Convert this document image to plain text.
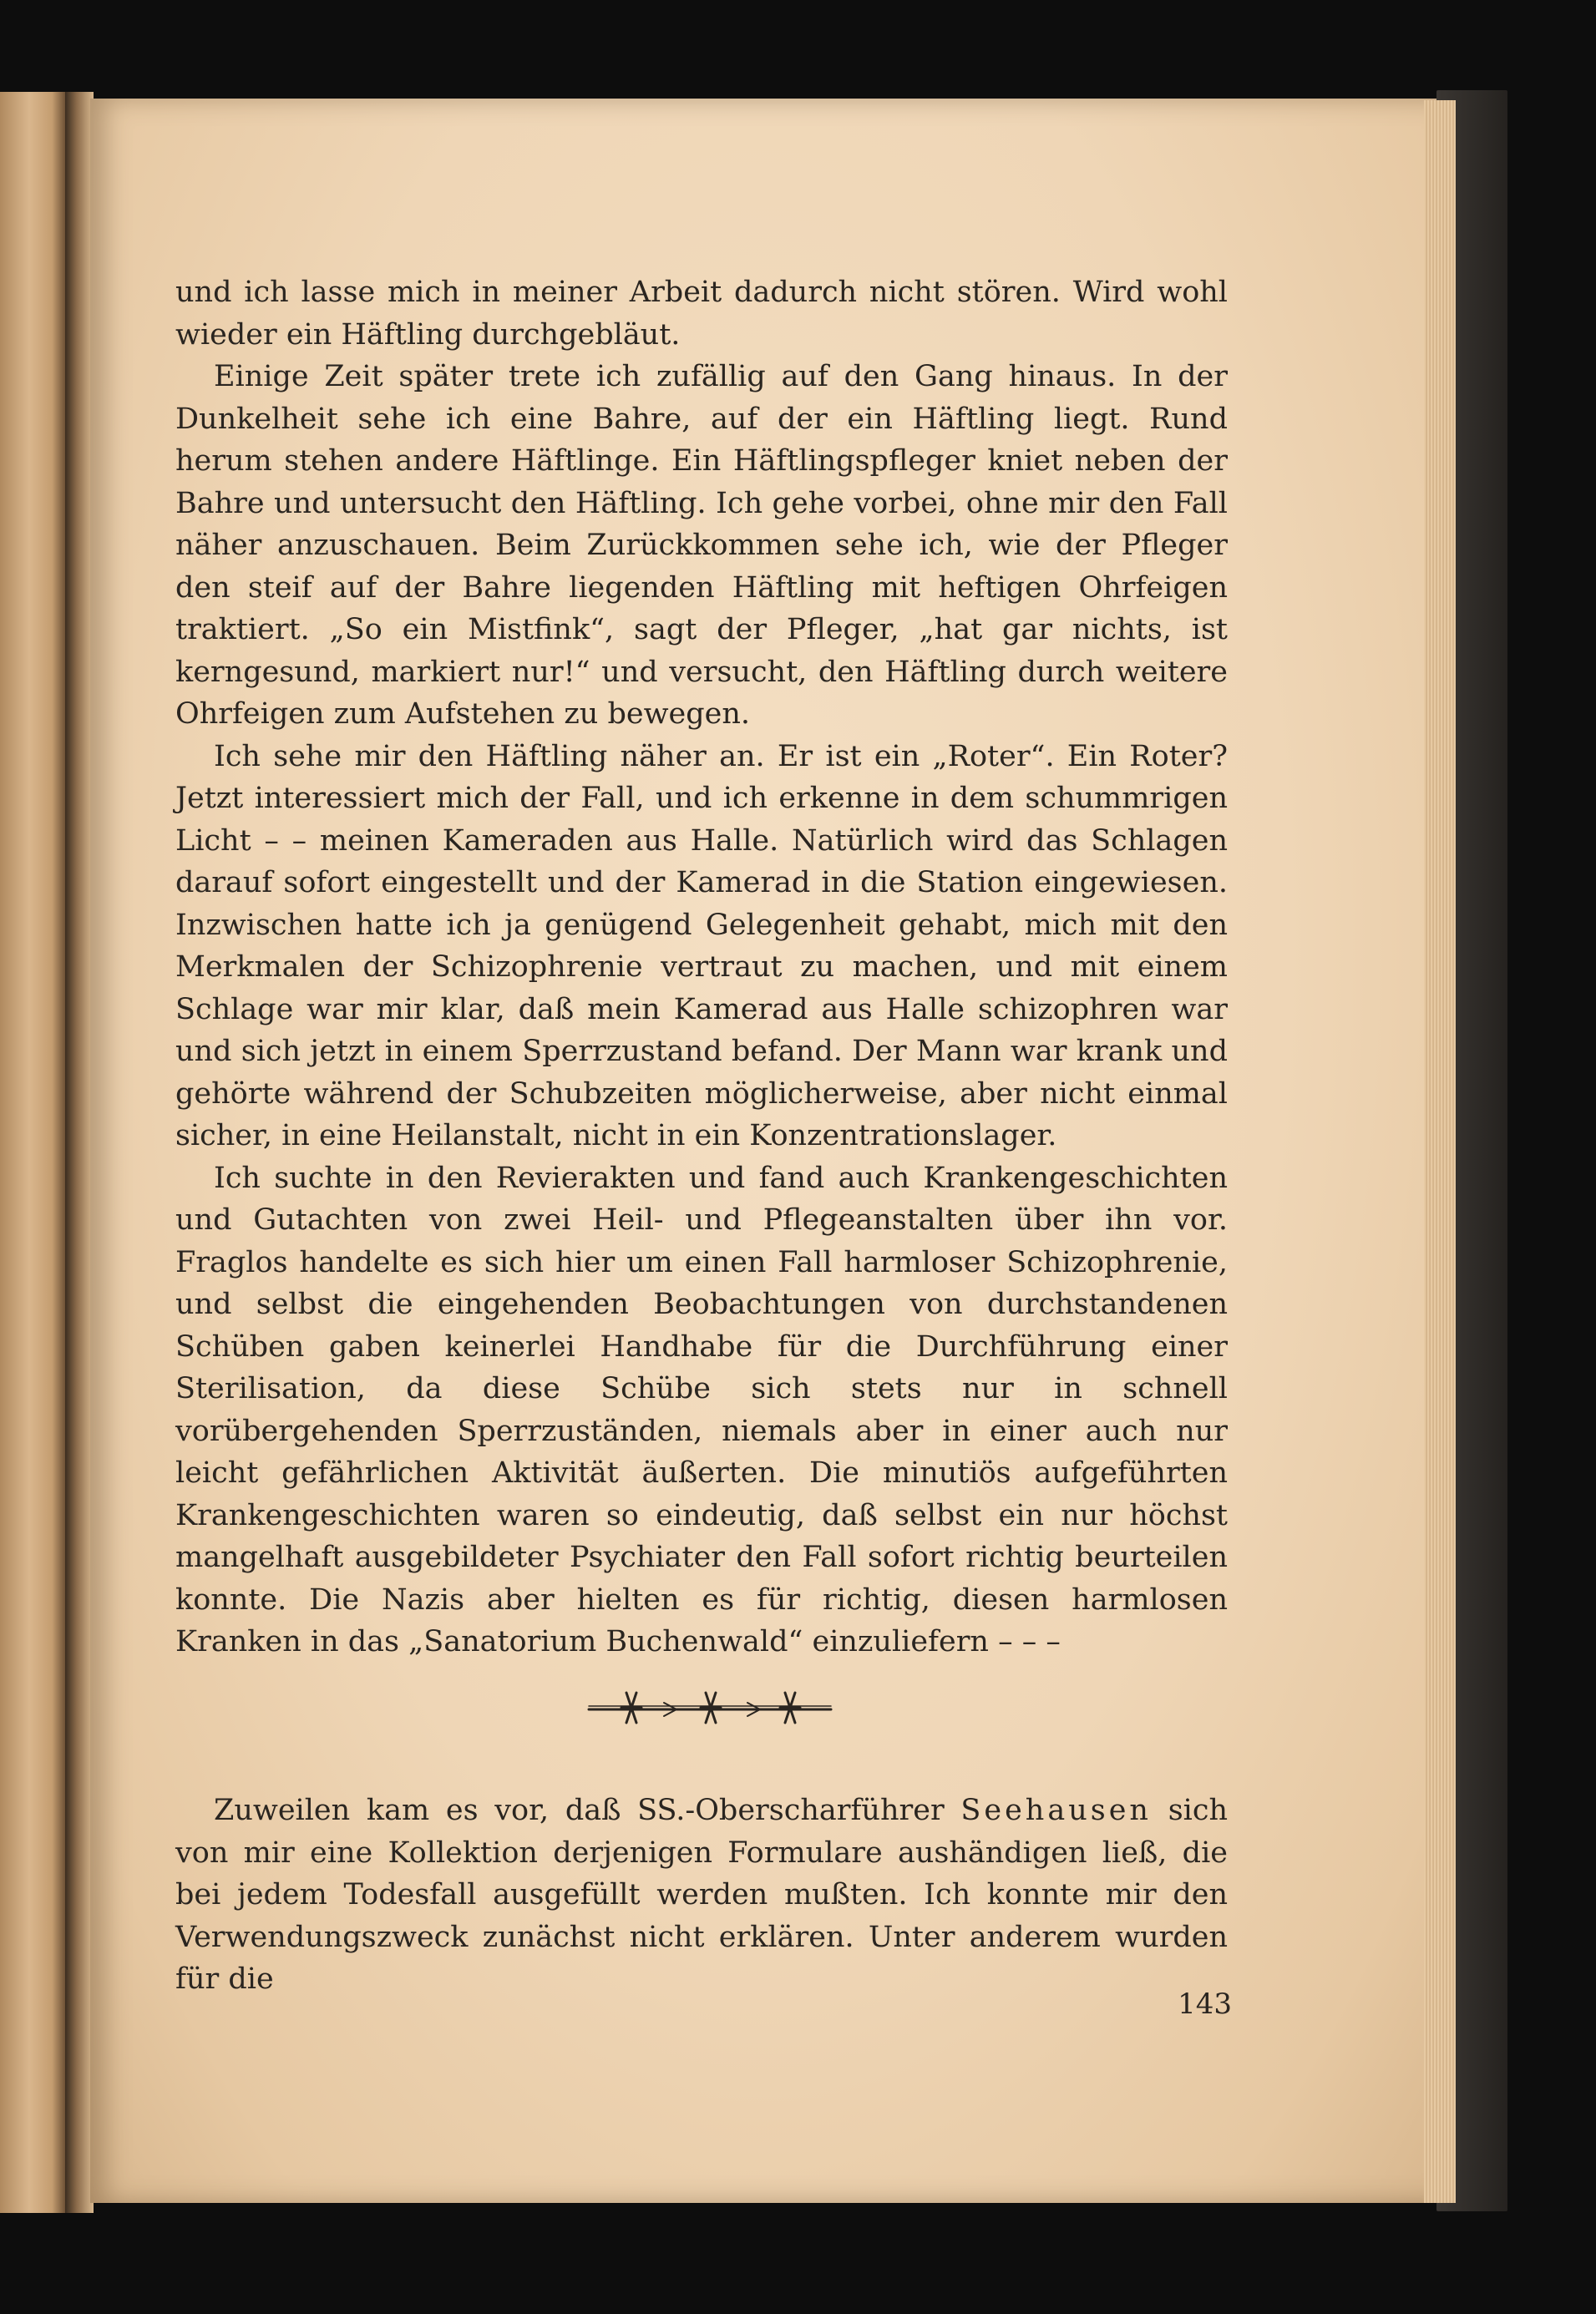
und ich lasse mich in meiner Arbeit dadurch nicht stören. Wird wohl wieder ein Häftling durchgebläut.

Einige Zeit später trete ich zufällig auf den Gang hinaus. In der Dunkelheit sehe ich eine Bahre, auf der ein Häftling liegt. Rund herum stehen andere Häftlinge. Ein Häftlingspfleger kniet neben der Bahre und untersucht den Häftling. Ich gehe vorbei, ohne mir den Fall näher anzuschauen. Beim Zurückkommen sehe ich, wie der Pfleger den steif auf der Bahre liegenden Häftling mit heftigen Ohrfeigen traktiert. „So ein Mistfink“, sagt der Pfleger, „hat gar nichts, ist kerngesund, markiert nur!“ und versucht, den Häftling durch weitere Ohrfeigen zum Aufstehen zu bewegen.

Ich sehe mir den Häftling näher an. Er ist ein „Roter“. Ein Roter? Jetzt interessiert mich der Fall, und ich erkenne in dem schummrigen Licht – – meinen Kameraden aus Halle. Natürlich wird das Schlagen darauf sofort eingestellt und der Kamerad in die Station eingewiesen. Inzwischen hatte ich ja genügend Gelegenheit gehabt, mich mit den Merkmalen der Schizophrenie vertraut zu machen, und mit einem Schlage war mir klar, daß mein Kamerad aus Halle schizophren war und sich jetzt in einem Sperrzustand befand. Der Mann war krank und gehörte während der Schubzeiten möglicherweise, aber nicht einmal sicher, in eine Heilanstalt, nicht in ein Konzentrationslager.

Ich suchte in den Revierakten und fand auch Krankengeschichten und Gutachten von zwei Heil- und Pflegeanstalten über ihn vor. Fraglos handelte es sich hier um einen Fall harmloser Schizophrenie, und selbst die eingehenden Beobachtungen von durchstandenen Schüben gaben keinerlei Handhabe für die Durchführung einer Sterilisation, da diese Schübe sich stets nur in schnell vorübergehenden Sperrzuständen, niemals aber in einer auch nur leicht gefährlichen Aktivität äußerten. Die minutiös aufgeführten Krankengeschichten waren so eindeutig, daß selbst ein nur höchst mangelhaft ausgebildeter Psychiater den Fall sofort richtig beurteilen konnte. Die Nazis aber hielten es für richtig, diesen harmlosen Kranken in das „Sanatorium Buchenwald“ einzuliefern – – –

Zuweilen kam es vor, daß SS.-Oberscharführer Seehausen sich von mir eine Kollektion derjenigen Formulare aushändigen ließ, die bei jedem Todesfall ausgefüllt werden mußten. Ich konnte mir den Verwendungszweck zunächst nicht erklären. Unter anderem wurden für die

143
